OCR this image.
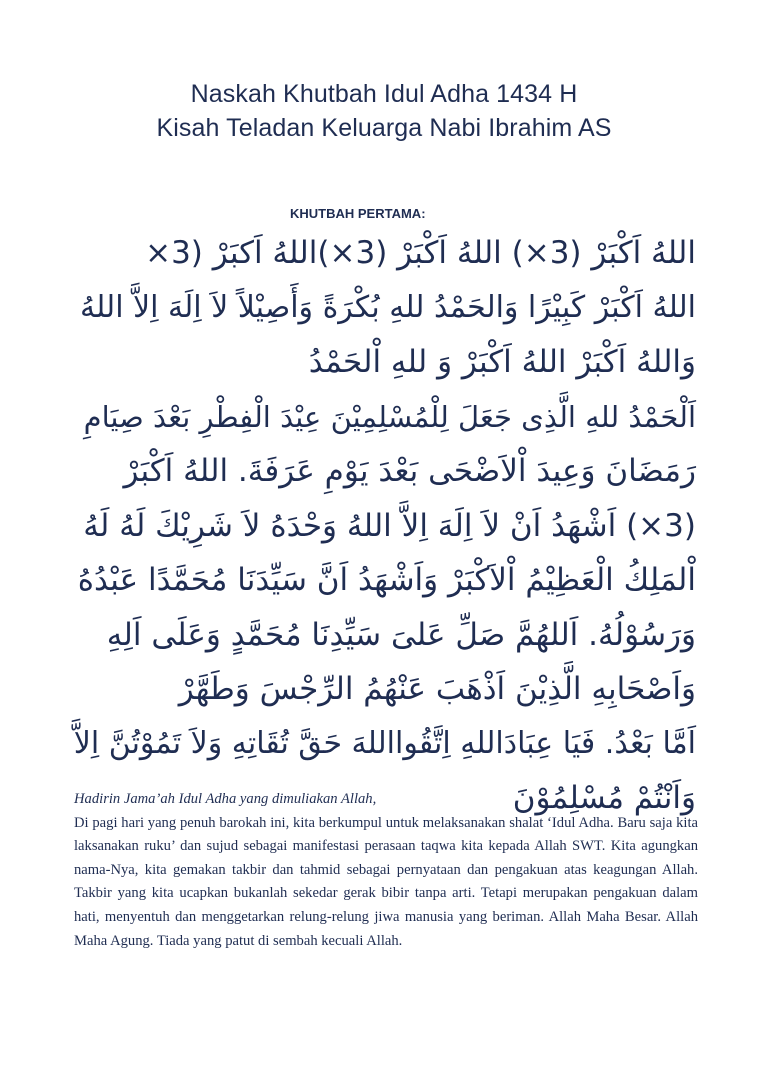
Naskah Khutbah Idul Adha 1434 H
Kisah Teladan Keluarga Nabi Ibrahim AS
KHUTBAH PERTAMA:
اللهُ اَكْبَرْ (3×) اللهُ اَكْبَرْ (3×)اللهُ اَكبَرْ (3×
اللهُ اَكْبَرْ كَبِيْرًا وَالحَمْدُ للهِ بُكْرَةً وَأَصِيْلاً لاَ اِلَهَ اِلاَّ اللهُ
وَاللهُ اَكْبَرْ اللهُ اَكْبَرْ وَ للهِ اْلحَمْدُ
اَلْحَمْدُ للهِ الَّذِى جَعَلَ لِلْمُسْلِمِيْنَ عِيْدَ الْفِطْرِ بَعْدَ صِيَامِ
رَمَضَانَ وَعِيدَ اْلاَضْحَى بَعْدَ يَوْمِ عَرَفَةَ. اللهُ اَكْبَرْ
(3×) اَشْهَدُ اَنْ لاَ اِلَهَ اِلاَّ اللهُ وَحْدَهُ لاَ شَرِيْكَ لَهُ لَهُ
اْلمَلِكُ الْعَظِيْمُ اْلاَكْبَرْ وَاَشْهَدُ اَنَّ سَيِّدَنَا مُحَمَّدًا عَبْدُهُ
وَرَسُوْلُهُ. اَللهُمَّ صَلِّ عَلىَ سَيِّدِنَا مُحَمَّدٍ وَعَلَى اَلِهِ
وَاَصْحَابِهِ الَّذِيْنَ اَذْهَبَ عَنْهُمُ الرِّجْسَ وَطَهَّرْ
اَمَّا بَعْدُ. فَيَا عِبَادَاللهِ اِتَّقُوااللهَ حَقَّ تُقَاتِهِ وَلاَ تَمُوْتُنَّ اِلاَّ
وَاَنْتُمْ مُسْلِمُوْنَ
Hadirin Jama’ah Idul Adha yang dimuliakan Allah,
Di pagi hari yang penuh barokah ini, kita berkumpul untuk melaksanakan shalat ‘Idul Adha. Baru saja kita laksanakan ruku’ dan sujud sebagai manifestasi perasaan taqwa kita kepada Allah SWT. Kita agungkan nama-Nya, kita gemakan takbir dan tahmid sebagai pernyataan dan pengakuan atas keagungan Allah. Takbir yang kita ucapkan bukanlah sekedar gerak bibir tanpa arti. Tetapi merupakan pengakuan dalam hati, menyentuh dan menggetarkan relung-relung jiwa manusia yang beriman. Allah Maha Besar. Allah Maha Agung. Tiada yang patut di sembah kecuali Allah.
